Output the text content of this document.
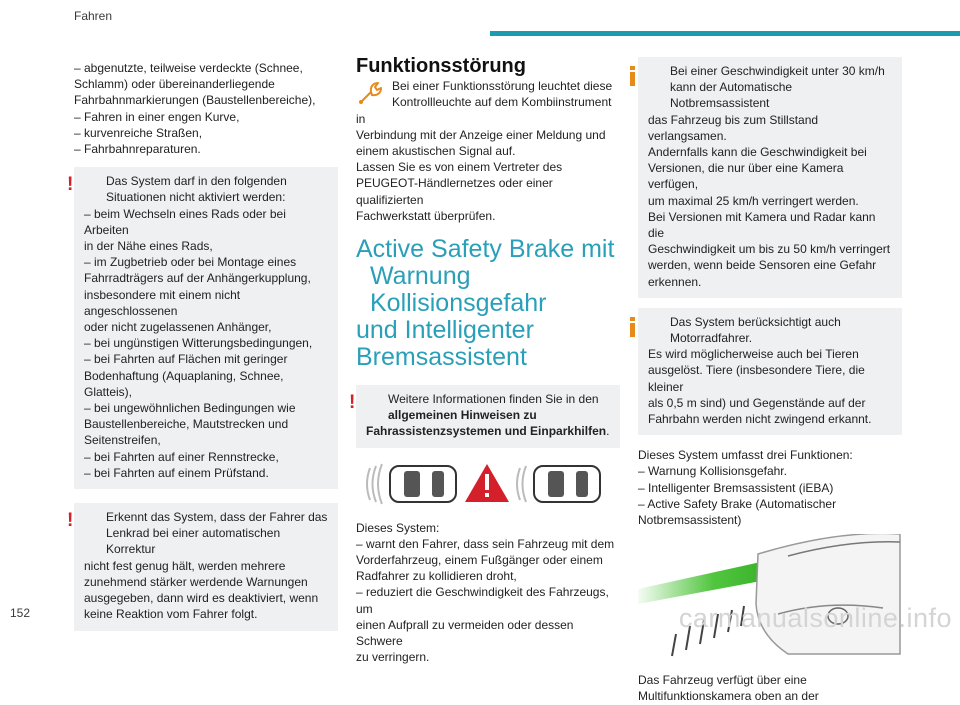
Fahren

– abgenutzte, teilweise verdeckte (Schnee,

Schlamm) oder übereinanderliegende

Fahrbahnmarkierungen (Baustellenbereiche),

– Fahren in einer engen Kurve,

– kurvenreiche Straßen,

– Fahrbahnreparaturen.

!	Das System darf in den folgenden

Situationen nicht aktiviert werden:

– beim Wechseln eines Rads oder bei Arbeiten

in der Nähe eines Rads,

– im Zugbetrieb oder bei Montage eines

Fahrradträgers auf der Anhängerkupplung,

insbesondere mit einem nicht angeschlossenen

oder nicht zugelassenen Anhänger,

– bei ungünstigen Witterungsbedingungen,

– bei Fahrten auf Flächen mit geringer

Bodenhaftung (Aquaplaning, Schnee, Glatteis),

– bei ungewöhnlichen Bedingungen wie

Baustellenbereiche, Mautstrecken und

Seitenstreifen,

– bei Fahrten auf einer Rennstrecke,

– bei Fahrten auf einem Prüfstand.

!	Erkennt das System, dass der Fahrer das

Lenkrad bei einer automatischen Korrektur

nicht fest genug hält, werden mehrere

zunehmend stärker werdende Warnungen

ausgegeben, dann wird es deaktiviert, wenn

keine Reaktion vom Fahrer folgt.

Funktionsstörung

Bei einer Funktionsstörung leuchtet diese

Kontrollleuchte auf dem Kombiinstrument in

Verbindung mit der Anzeige einer Meldung und

einem akustischen Signal auf.

Lassen Sie es von einem Vertreter des

PEUGEOT-Händlernetzes oder einer qualifizierten

Fachwerkstatt überprüfen.

Active Safety Brake mit

Warnung Kollisionsgefahr

und Intelligenter

Bremsassistent

!	Weitere Informationen finden Sie in den

allgemeinen Hinweisen zu

Fahrassistenzsystemen und Einparkhilfen.

Dieses System:

– warnt den Fahrer, dass sein Fahrzeug mit dem

Vorderfahrzeug, einem Fußgänger oder einem

Radfahrer zu kollidieren droht,

– reduziert die Geschwindigkeit des Fahrzeugs, um

einen Aufprall zu vermeiden oder dessen Schwere

zu verringern.

Bei einer Geschwindigkeit unter 30 km/h

kann der Automatische Notbremsassistent

das Fahrzeug bis zum Stillstand verlangsamen.

Andernfalls kann die Geschwindigkeit bei

Versionen, die nur über eine Kamera verfügen,

um maximal 25 km/h verringert werden.

Bei Versionen mit Kamera und Radar kann die

Geschwindigkeit um bis zu 50 km/h verringert

werden, wenn beide Sensoren eine Gefahr

erkennen.

Das System berücksichtigt auch

Motorradfahrer.

Es wird möglicherweise auch bei Tieren

ausgelöst. Tiere (insbesondere Tiere, die kleiner

als 0,5 m sind) und Gegenstände auf der

Fahrbahn werden nicht zwingend erkannt.

Dieses System umfasst drei Funktionen:

– Warnung Kollisionsgefahr.

– Intelligenter Bremsassistent (iEBA)

– Active Safety Brake (Automatischer

Notbremsassistent)

Das Fahrzeug verfügt über eine

Multifunktionskamera oben an der

152	carmanualsonline.info
